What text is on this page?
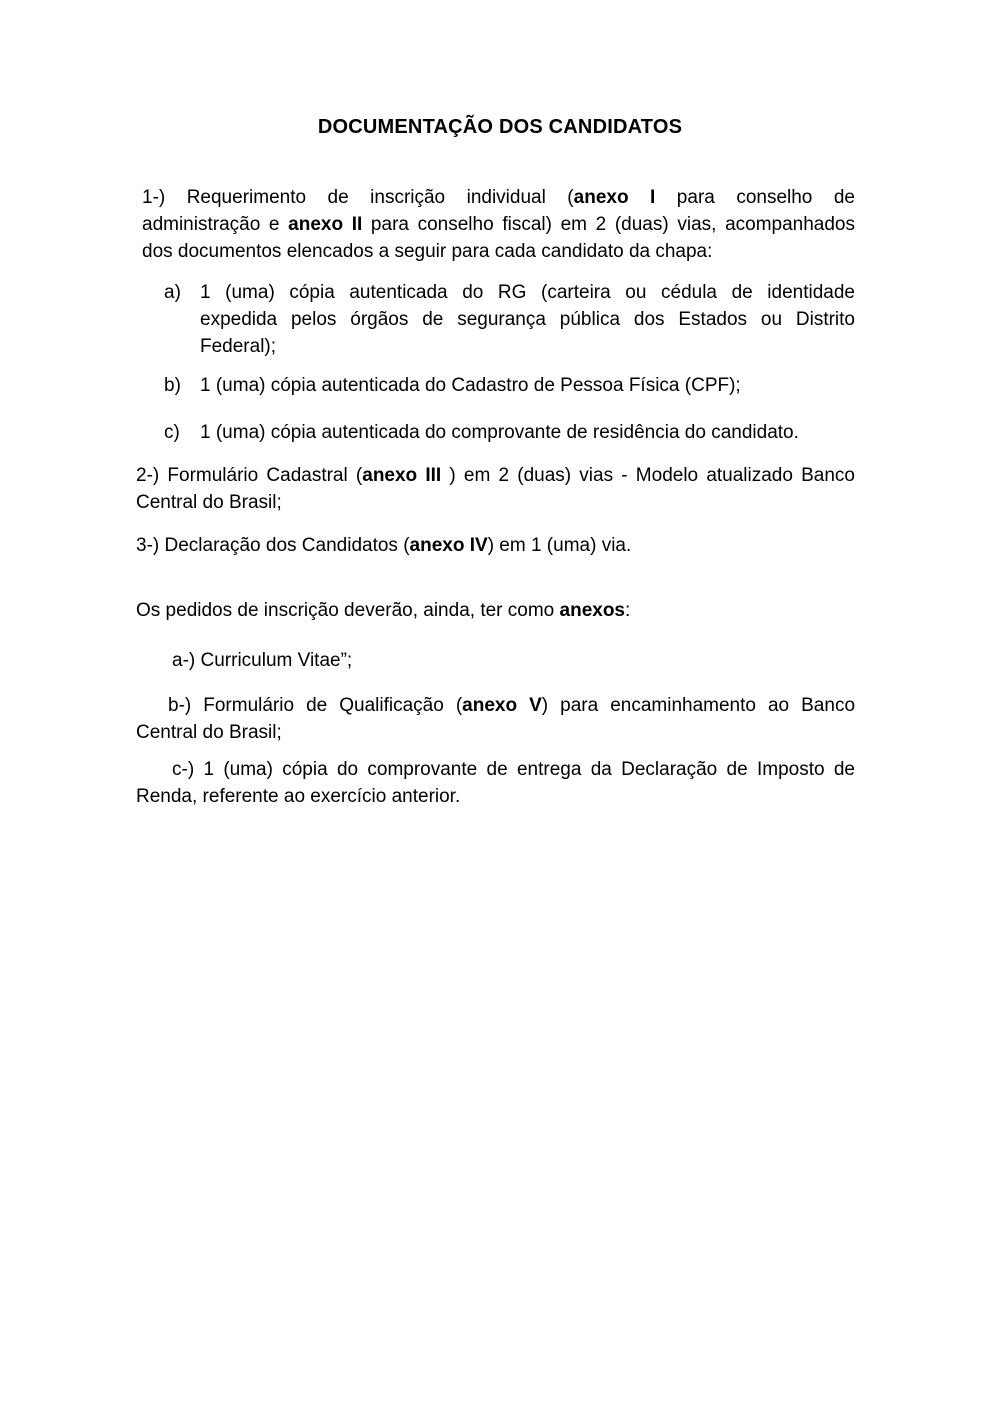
DOCUMENTAÇÃO DOS CANDIDATOS
1-) Requerimento de inscrição individual (anexo I para conselho de
administração e anexo II para conselho fiscal) em 2 (duas) vias, acompanhados
dos documentos elencados a seguir para cada candidato da chapa:
a) 1 (uma) cópia autenticada do RG (carteira ou cédula de identidade
expedida pelos órgãos de segurança pública dos Estados ou Distrito
Federal);
b) 1 (uma) cópia autenticada do Cadastro de Pessoa Física (CPF);
c) 1 (uma) cópia autenticada do comprovante de residência do candidato.
2-) Formulário Cadastral (anexo III ) em 2 (duas) vias - Modelo atualizado Banco
Central do Brasil;
3-) Declaração dos Candidatos (anexo IV) em 1 (uma) via.
Os pedidos de inscrição deverão, ainda, ter como anexos:
a-) Curriculum Vitae”;
b-) Formulário de Qualificação (anexo V) para encaminhamento ao Banco
Central do Brasil;
c-) 1 (uma) cópia do comprovante de entrega da Declaração de Imposto de
Renda, referente ao exercício anterior.
